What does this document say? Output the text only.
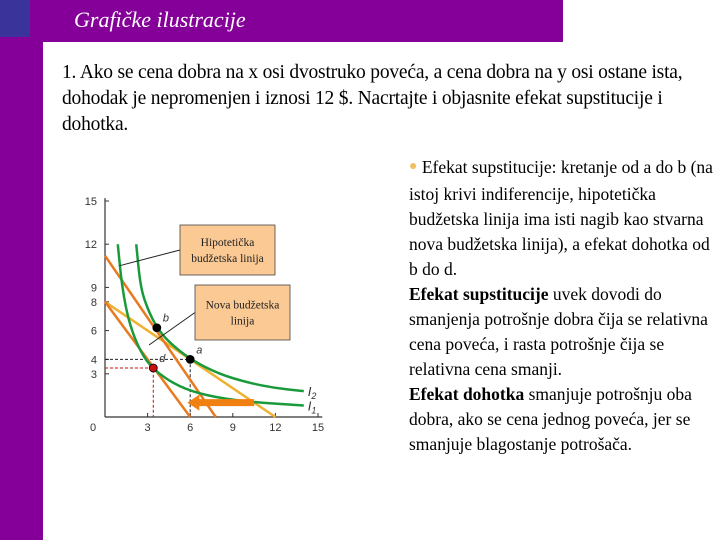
Grafičke ilustracije
1. Ako se cena dobra na x osi dvostruko poveća, a cena dobra na y osi ostane ista, dohodak je nepromenjen i iznosi 12 $. Nacrtajte i objasnite efekat supstitucije i dohotka.
● Efekat supstitucije: kretanje od a do b (na istoj krivi indiferencije, hipotetička budžetska linija ima isti nagib kao stvarna nova budžetska linija), a efekat dohotka od b do d.
Efekat supstitucije uvek dovodi do smanjenja potrošnje dobra čija se relativna cena poveća, i rasta potrošnje čija se relativna cena smanji.
Efekat dohotka smanjuje potrošnju oba dobra, ako se cena jednog poveća, jer se smanjuje blagostanje potrošača.
0	3	6	9	12	15
3
4
6
8
9
12
15
$I_1$
$I_2$
a
b
d
Hipotetička
budžetska linija
Nova budžetska
linija
